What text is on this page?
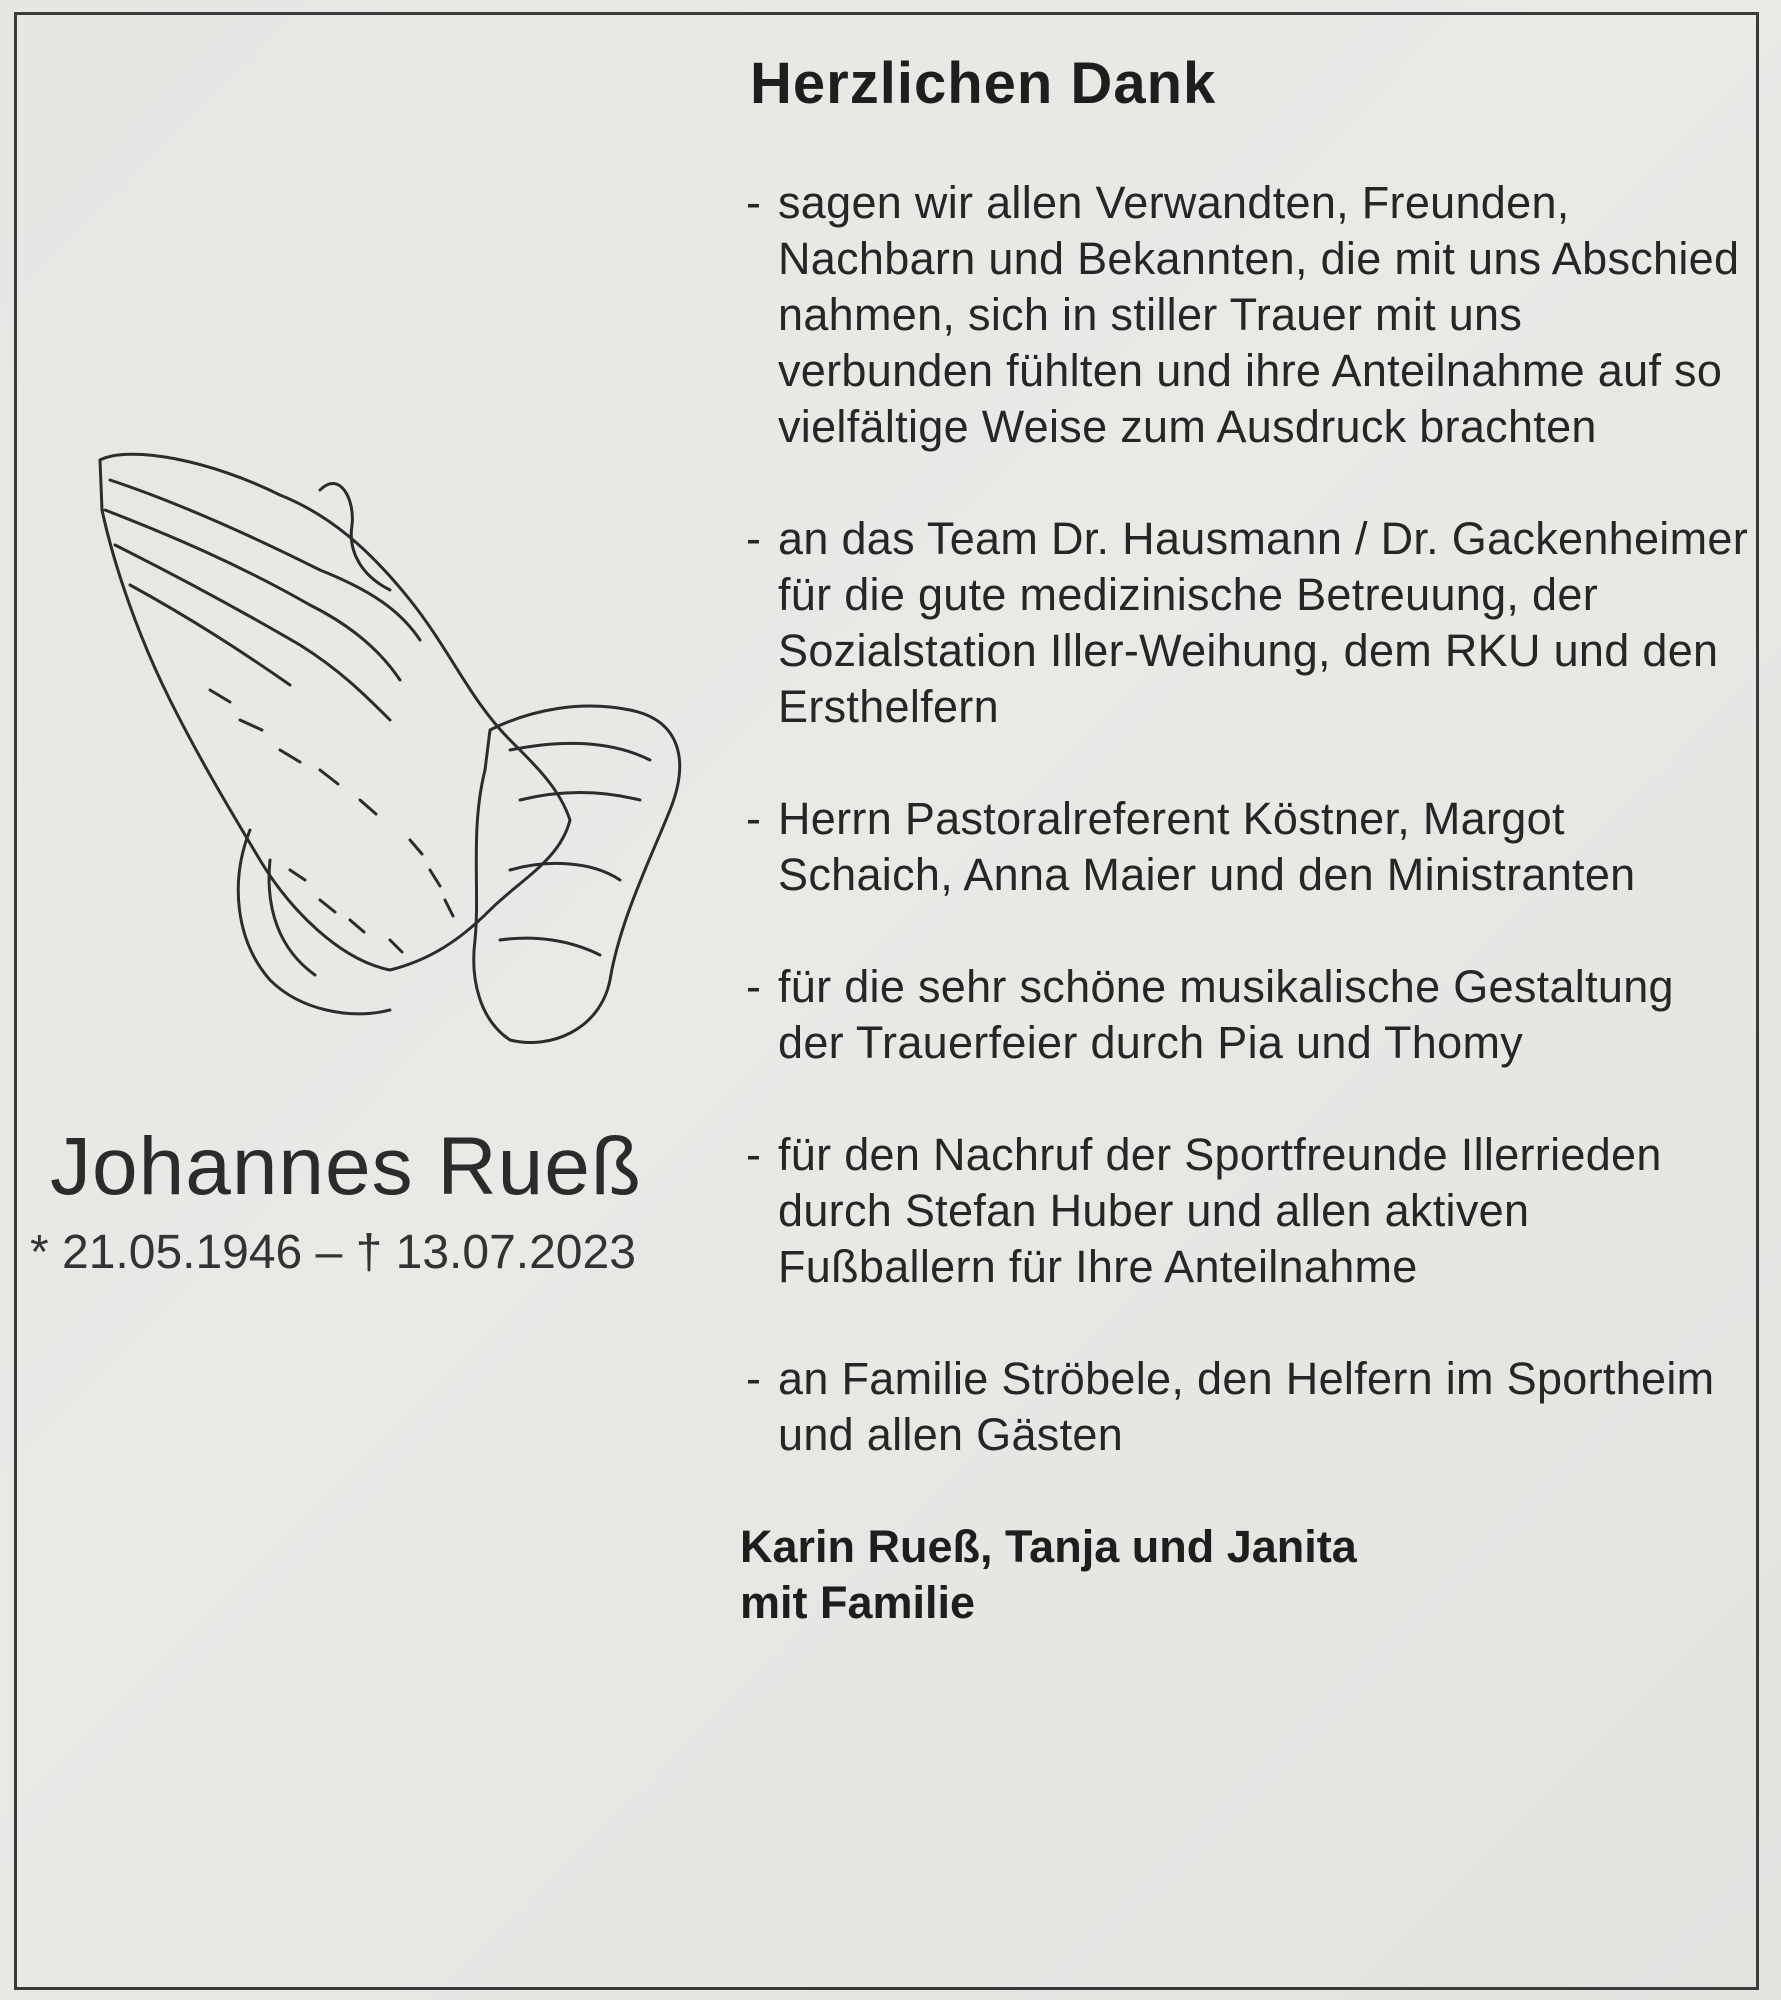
Johannes Rueß
* 21.05.1946 – † 13.07.2023
Herzlichen Dank
- sagen wir allen Verwandten, Freunden, Nachbarn und Bekannten, die mit uns Abschied nahmen, sich in stiller Trauer mit uns verbunden fühlten und ihre Anteilnahme auf so vielfältige Weise zum Ausdruck brachten
- an das Team Dr. Hausmann / Dr. Gackenheimer für die gute medizinische Betreuung, der Sozialstation Iller-Weihung, dem RKU und den Ersthelfern
- Herrn Pastoralreferent Köstner, Margot Schaich, Anna Maier und den Ministranten
- für die sehr schöne musikalische Gestaltung der Trauerfeier durch Pia und Thomy
- für den Nachruf der Sportfreunde Illerrieden durch Stefan Huber und allen aktiven Fußballern für Ihre Anteilnahme
- an Familie Ströbele, den Helfern im Sportheim und allen Gästen
Karin Rueß, Tanja und Janita
mit Familie
